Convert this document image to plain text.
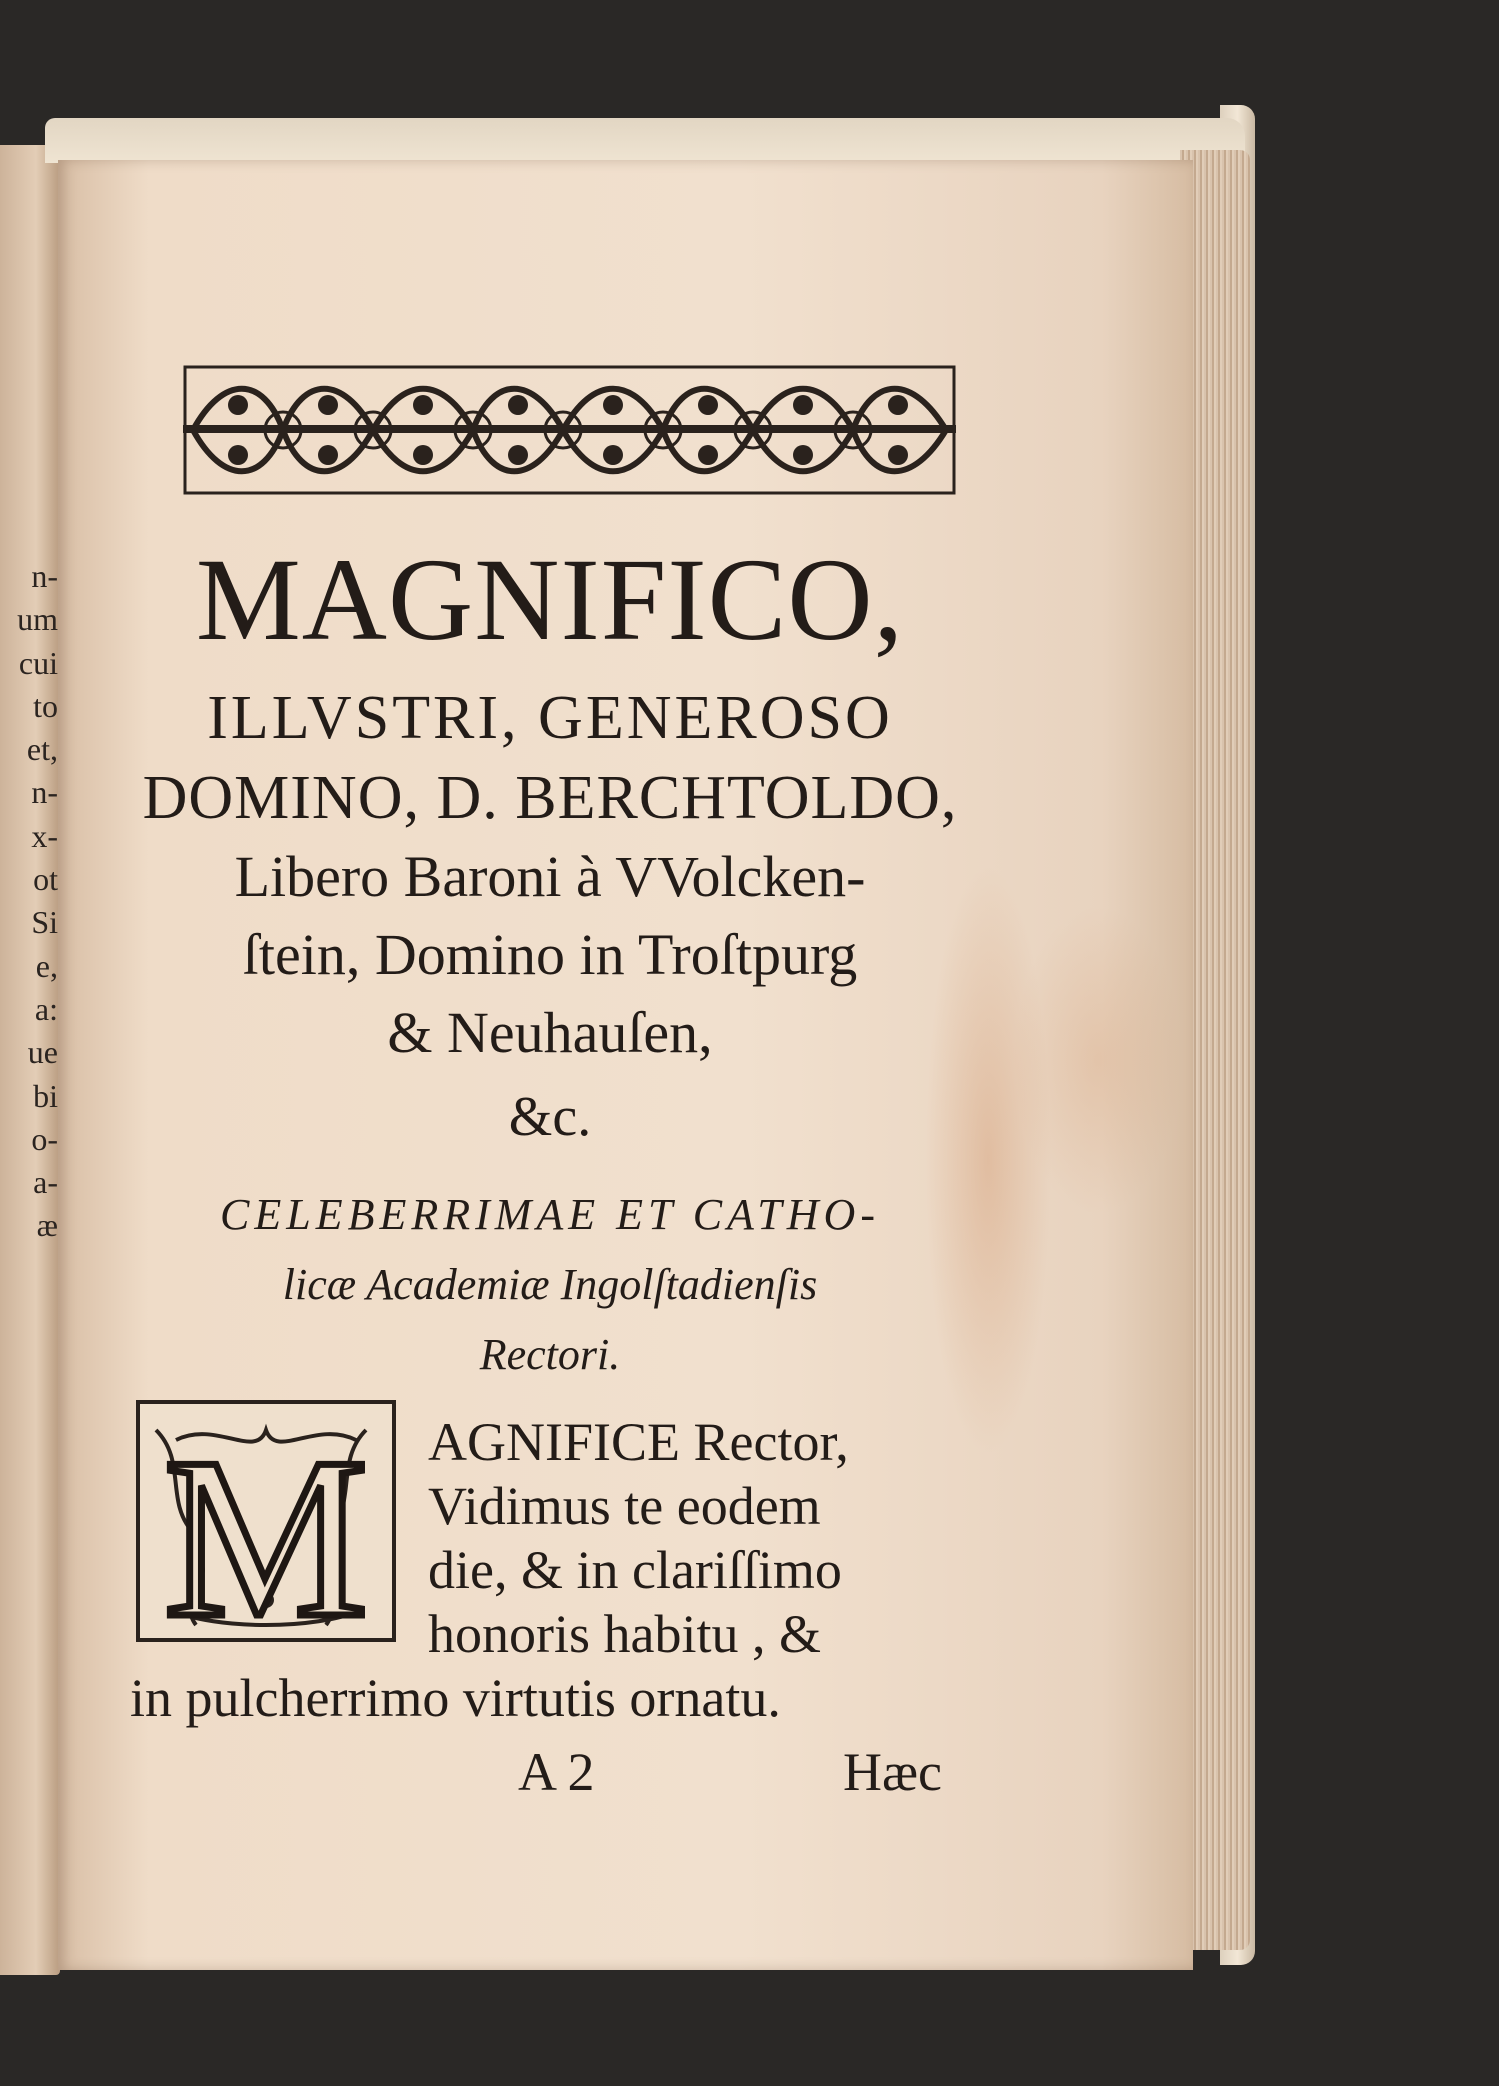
n-
um
cui
to
et,
n-
x-
ot
Si
e,
a:
ue
bi
o-
a-
æ
MAGNIFICO,
ILLVSTRI, GENEROSO
DOMINO, D. BERCHTOLDO,
Libero Baroni à VVolcken-
ſtein, Domino in Troſtpurg
& Neuhauſen,
&c.
CELEBERRIMAE ET CATHO-
licæ Academiæ Ingolſtadienſis
Rectori.
M AGNIFICE Rector,
Vidimus te eodem
die, & in clariſſimo
honoris habitu , &
in pulcherrimo virtutis ornatu.
A 2	Hæc
